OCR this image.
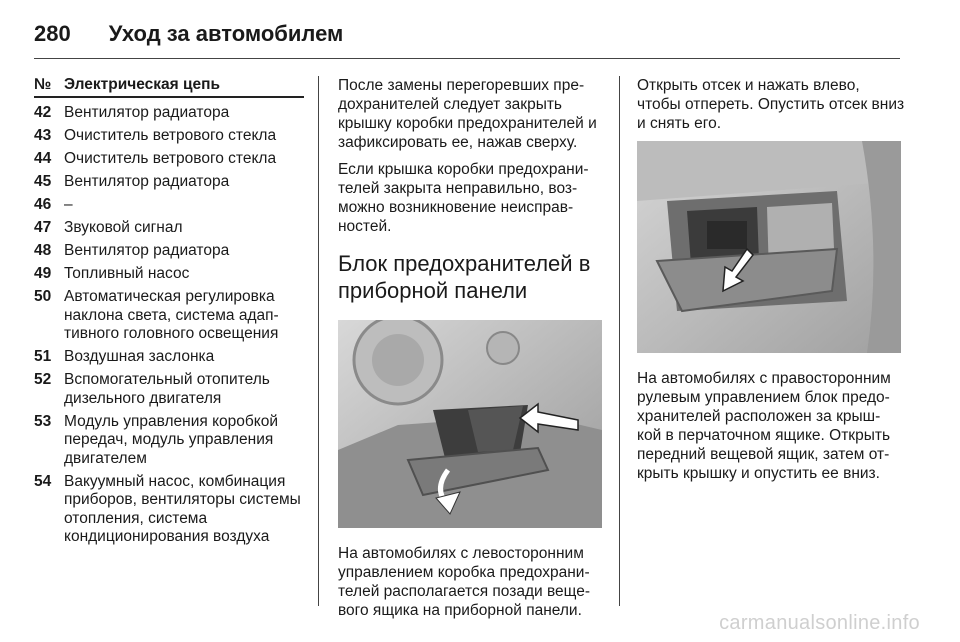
280 Уход за автомобилем
№ Электрическая цепь
42 Вентилятор радиатора
43 Очиститель ветрового стекла
44 Очиститель ветрового стекла
45 Вентилятор радиатора
46 –
47 Звуковой сигнал
48 Вентилятор радиатора
49 Топливный насос
50 Автоматическая регулировка наклона света, система адап- тивного головного освещения
51 Воздушная заслонка
52 Вспомогательный отопитель дизельного двигателя
53 Модуль управления коробкой передач, модуль управления двигателем
54 Вакуумный насос, комбинация приборов, вентиляторы системы отопления, система кондиционирования воздуха

После замены перегоревших пре- дохранителей следует закрыть крышку коробки предохранителей и зафиксировать ее, нажав сверху.

Если крышка коробки предохрани- телей закрыта неправильно, воз- можно возникновение неисправ- ностей.

Блок предохранителей в приборной панели

На автомобилях с левосторонним управлением коробка предохрани- телей располагается позади веще- вого ящика на приборной панели.

Открыть отсек и нажать влево, чтобы отпереть. Опустить отсек вниз и снять его.

На автомобилях с правосторонним рулевым управлением блок предо- хранителей расположен за крыш- кой в перчаточном ящике. Открыть передний вещевой ящик, затем от- крыть крышку и опустить ее вниз.

carmanualsonline.info
